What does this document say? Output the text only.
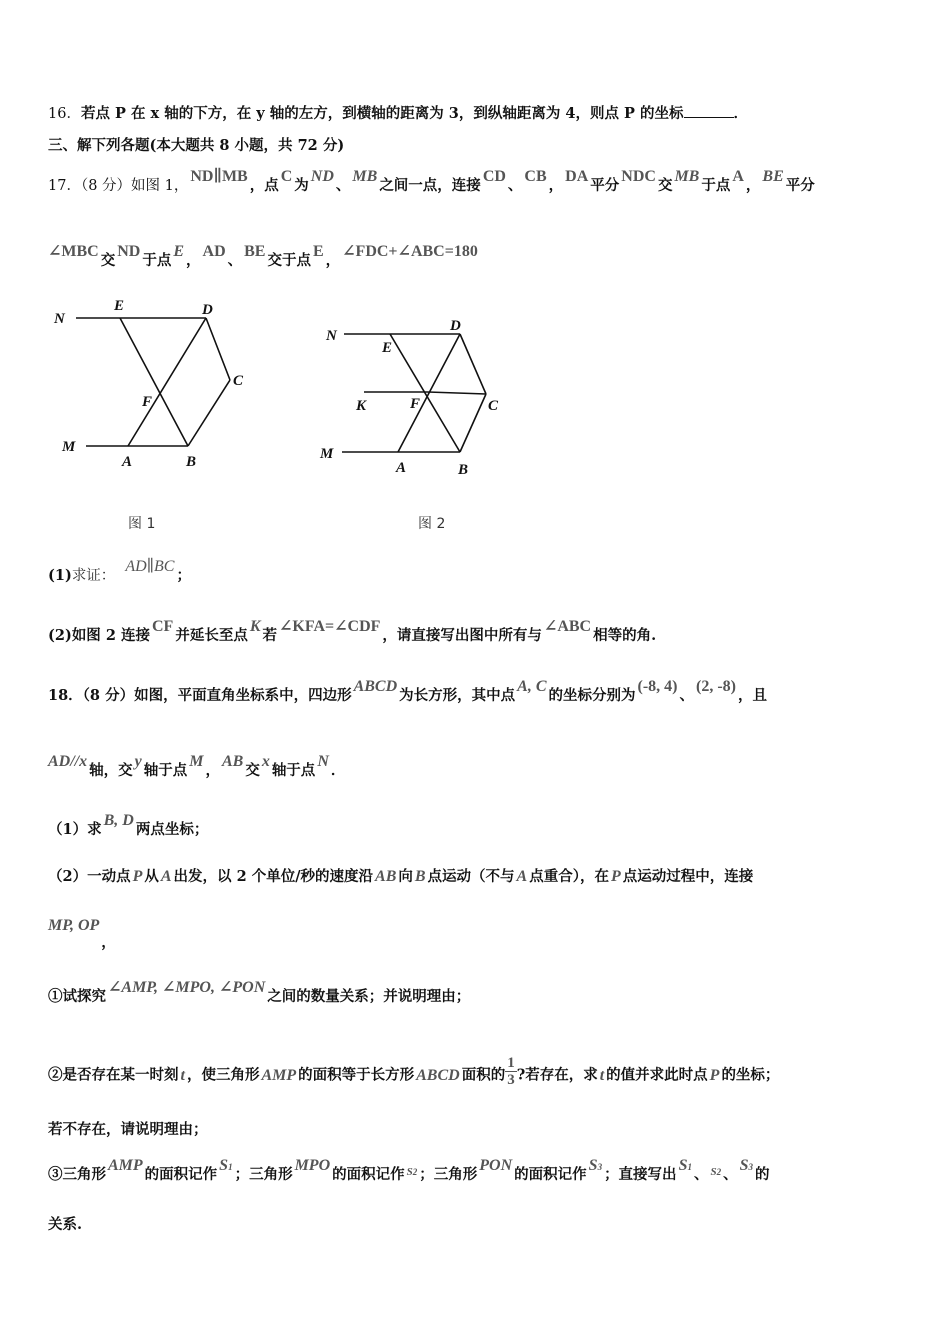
16．若点 P 在 x 轴的下方，在 y 轴的左方，到横轴的距离为 3，到纵轴距离为 4，则点 P 的坐标	．
三、解下列各题(本大题共 8 小题，共 72 分)
17．（8 分）如图 1，ND∥MB，点C为ND、MB之间一点，连接CD、CB，DA平分NDC交MB于点A，BE平分
∠MBC交ND于点E，AD、BE交于点E，∠FDC+∠ABC=180
N
E	D
C
F
M
A	B
图 1
N
E
D
K	F	C
M
A	B
图 2
(1)求证：AD∥BC；
(2)如图 2 连接CF并延长至点K若∠KFA=∠CDF，请直接写出图中所有与∠ABC相等的角.
18．（8 分）如图，平面直角坐标系中，四边形ABCD为长方形，其中点A, C的坐标分别为(-8, 4)、(2, -8)，且
AD//x轴，交y轴于点M，AB交x轴于点N．
（1）求B, D两点坐标；
（2）一动点 P 从 A 出发，以 2 个单位/秒的速度沿 AB 向 B 点运动（不与 A 点重合），在 P 点运动过程中，连接
MP, OP，
①试探究∠AMP, ∠MPO, ∠PON之间的数量关系；并说明理由；
②是否存在某一时刻 t ，使三角形 AMP 的面积等于长方形 ABCD 面积的 $\frac{1}{3}$ ?若存在，求 t 的值并求此时点 P 的坐标；
若不存在，请说明理由；
③三角形AMP的面积记作S1 ；三角形MPO的面积记作 $^{S2}$ ；三角形PON的面积记作S3 ；直接写出S1 、 $^{S2}$ 、S3 的
关系.
